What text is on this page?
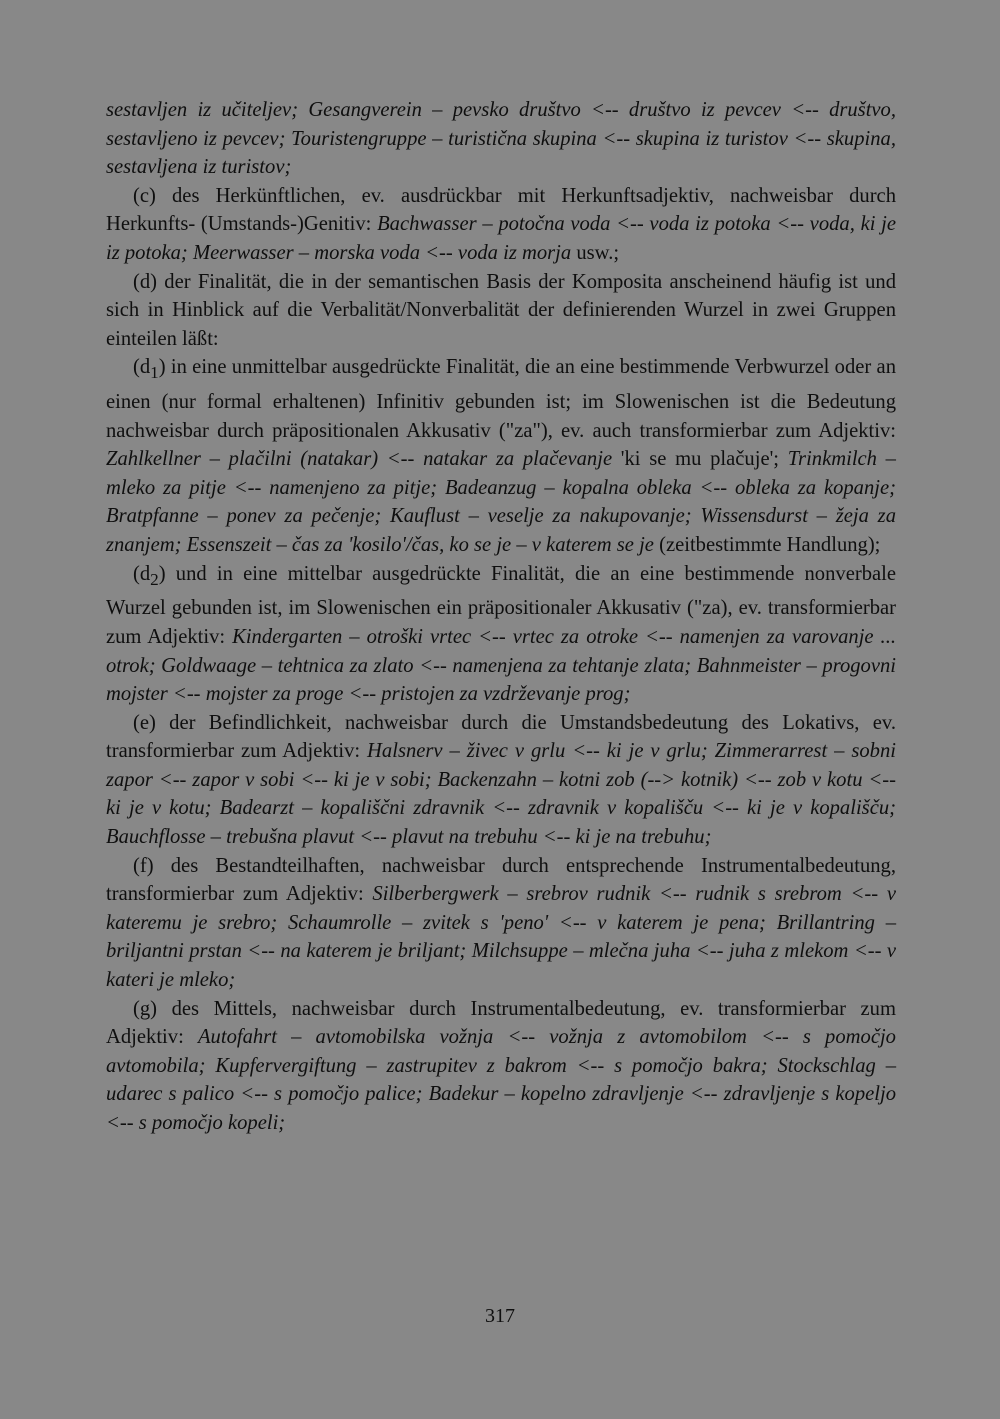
sestavljen iz učiteljev; Gesangverein – pevsko društvo <-- društvo iz pevcev <-- društvo, sestavljeno iz pevcev; Touristengruppe – turistična skupina <-- skupina iz turistov <-- skupina, sestavljena iz turistov;

(c) des Herkünftlichen, ev. ausdrückbar mit Herkunftsadjektiv, nachweisbar durch Herkunfts- (Umstands-)Genitiv: Bachwasser – potočna voda <-- voda iz potoka <-- voda, ki je iz potoka; Meerwasser – morska voda <-- voda iz morja usw.;

(d) der Finalität, die in der semantischen Basis der Komposita anscheinend häufig ist und sich in Hinblick auf die Verbalität/Nonverbalität der definierenden Wurzel in zwei Gruppen einteilen läßt:

$(d_1)$ in eine unmittelbar ausgedrückte Finalität, die an eine bestimmende Verbwurzel oder an einen (nur formal erhaltenen) Infinitiv gebunden ist; im Slowenischen ist die Bedeutung nachweisbar durch präpositionalen Akkusativ ("za"), ev. auch transformierbar zum Adjektiv: Zahlkellner – plačilni (natakar) <-- natakar za plačevanje 'ki se mu plačuje'; Trinkmilch – mleko za pitje <-- namenjeno za pitje; Badeanzug – kopalna obleka <-- obleka za kopanje; Bratpfanne – ponev za pečenje; Kauflust – veselje za nakupovanje; Wissensdurst – žeja za znanjem; Essenszeit – čas za 'kosilo'/čas, ko se je – v katerem se je (zeitbestimmte Handlung);

$(d_2)$ und in eine mittelbar ausgedrückte Finalität, die an eine bestimmende nonverbale Wurzel gebunden ist, im Slowenischen ein präpositionaler Akkusativ ("za), ev. transformierbar zum Adjektiv: Kindergarten – otroški vrtec <-- vrtec za otroke <-- namenjen za varovanje ... otrok; Goldwaage – tehtnica za zlato <-- namenjena za tehtanje zlata; Bahnmeister – progovni mojster <-- mojster za proge <-- pristojen za vzdrževanje prog;

(e) der Befindlichkeit, nachweisbar durch die Umstandsbedeutung des Lokativs, ev. transformierbar zum Adjektiv: Halsnerv – živec v grlu <-- ki je v grlu; Zimmerarrest – sobni zapor <-- zapor v sobi <-- ki je v sobi; Backenzahn – kotni zob (--> kotnik) <-- zob v kotu <-- ki je v kotu; Badearzt – kopališčni zdravnik <-- zdravnik v kopališču <-- ki je v kopališču; Bauchflosse – trebušna plavut <-- plavut na trebuhu <-- ki je na trebuhu;

(f) des Bestandteilhaften, nachweisbar durch entsprechende Instrumentalbedeutung, transformierbar zum Adjektiv: Silberbergwerk – srebrov rudnik <-- rudnik s srebrom <-- v kateremu je srebro; Schaumrolle – zvitek s 'peno' <-- v katerem je pena; Brillantring – briljantni prstan <-- na katerem je briljant; Milchsuppe – mlečna juha <-- juha z mlekom <-- v kateri je mleko;

(g) des Mittels, nachweisbar durch Instrumentalbedeutung, ev. transformierbar zum Adjektiv: Autofahrt – avtomobilska vožnja <-- vožnja z avtomobilom <-- s pomočjo avtomobila; Kupfervergiftung – zastrupitev z bakrom <-- s pomočjo bakra; Stockschlag – udarec s palico <-- s pomočjo palice; Badekur – kopelno zdravljenje <-- zdravljenje s kopeljo <-- s pomočjo kopeli;

317
